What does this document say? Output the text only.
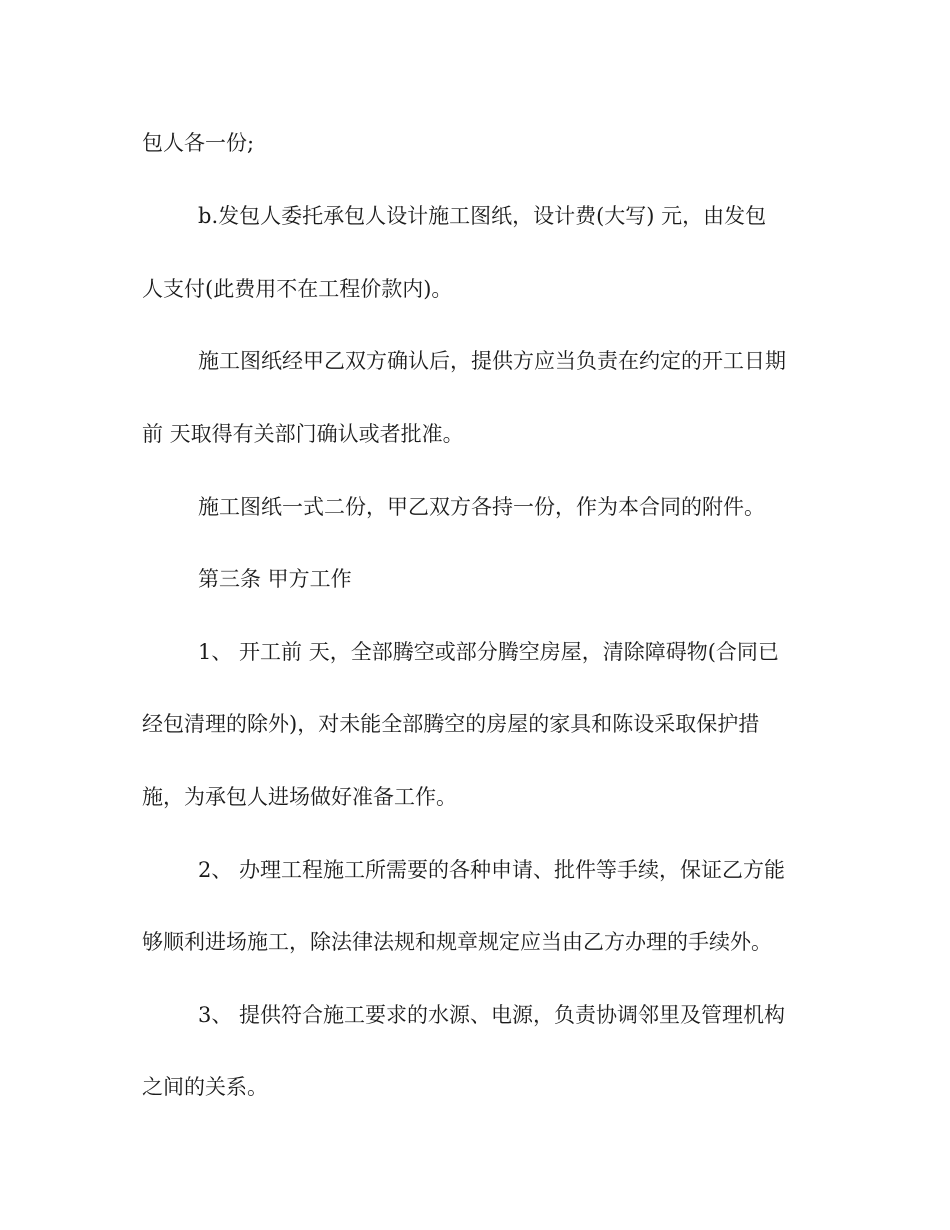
包人各一份;
b.发包人委托承包人设计施工图纸，设计费(大写) 元，由发包
人支付(此费用不在工程价款内)。
施工图纸经甲乙双方确认后，提供方应当负责在约定的开工日期
前 天取得有关部门确认或者批准。
施工图纸一式二份，甲乙双方各持一份，作为本合同的附件。
第三条 甲方工作
1、 开工前 天，全部腾空或部分腾空房屋，清除障碍物(合同已
经包清理的除外)，对未能全部腾空的房屋的家具和陈设采取保护措
施，为承包人进场做好准备工作。
2、 办理工程施工所需要的各种申请、批件等手续，保证乙方能
够顺利进场施工，除法律法规和规章规定应当由乙方办理的手续外。
3、 提供符合施工要求的水源、电源，负责协调邻里及管理机构
之间的关系。
